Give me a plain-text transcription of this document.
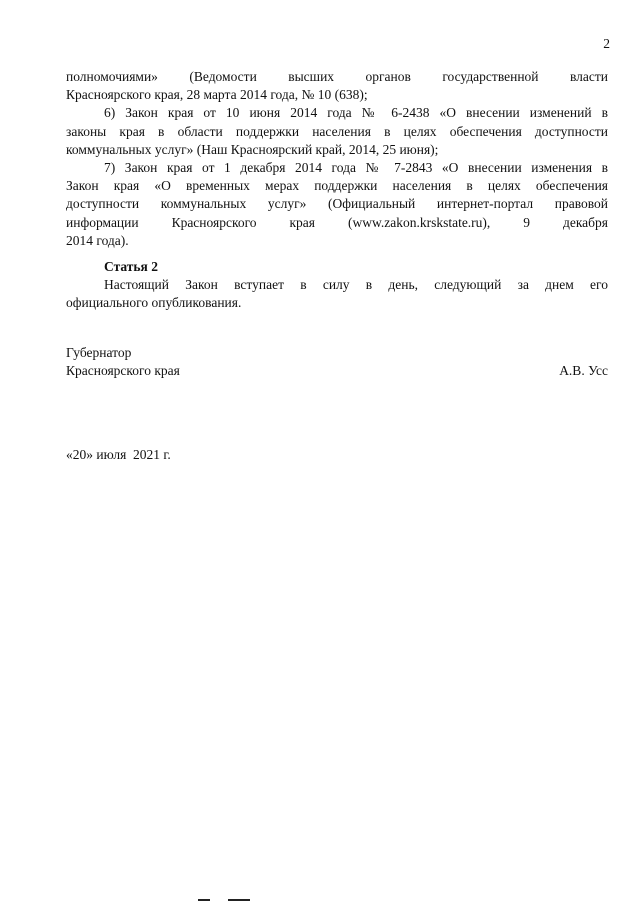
2
полномочиями» (Ведомости высших органов государственной власти
Красноярского края, 28 марта 2014 года, № 10 (638);
6) Закон края от 10 июня 2014 года № 6-2438 «О внесении изменений в
законы края в области поддержки населения в целях обеспечения доступности
коммунальных услуг» (Наш Красноярский край, 2014, 25 июня);
7) Закон края от 1 декабря 2014 года № 7-2843 «О внесении изменения в
Закон края «О временных мерах поддержки населения в целях обеспечения
доступности коммунальных услуг» (Официальный интернет-портал правовой
информации Красноярского края (www.zakon.krskstate.ru), 9 декабря
2014 года).
Статья 2
Настоящий Закон вступает в силу в день, следующий за днем его
официального опубликования.
Губернатор
Красноярского края	А.В. Усс
«20» июля  2021 г.
